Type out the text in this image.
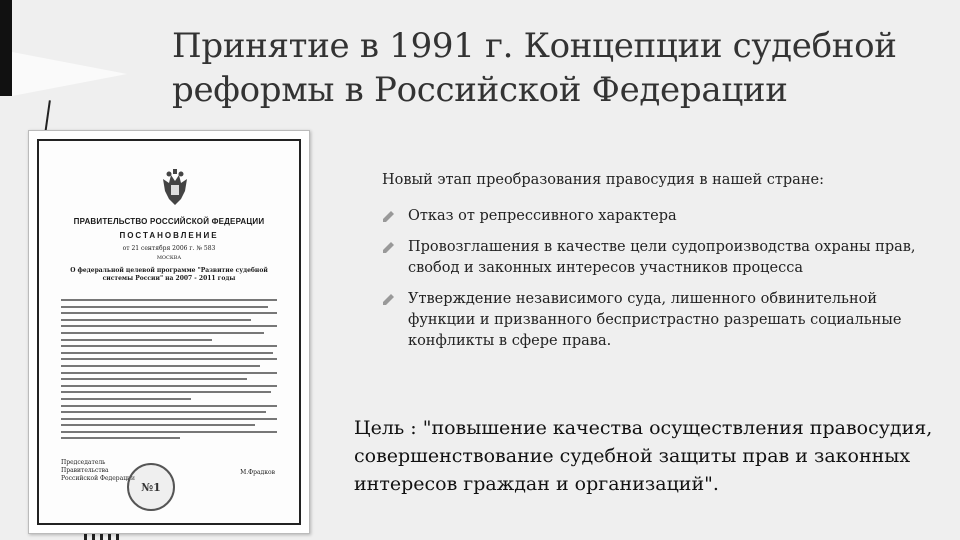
Принятие в 1991 г. Концепции судебной реформы в Российской Федерации
ПРАВИТЕЛЬСТВО РОССИЙСКОЙ ФЕДЕРАЦИИ
ПОСТАНОВЛЕНИЕ
от 21 сентября 2006 г. № 583
МОСКВА
О федеральной целевой программе "Развитие судебной системы России" на 2007 - 2011 годы
Председатель Правительства Российской Федерации
№1
М.Фрадков

Новый этап преобразования правосудия в нашей стране:

Отказ от репрессивного характера
Провозглашения в качестве цели судопроизводства охраны прав, свобод и законных интересов участников процесса
Утверждение независимого суда, лишенного обвинительной функции и призванного беспристрастно разрешать социальные конфликты в сфере права.

Цель : "повышение качества осуществления правосудия, совершенствование судебной защиты прав и законных интересов граждан и организаций".
